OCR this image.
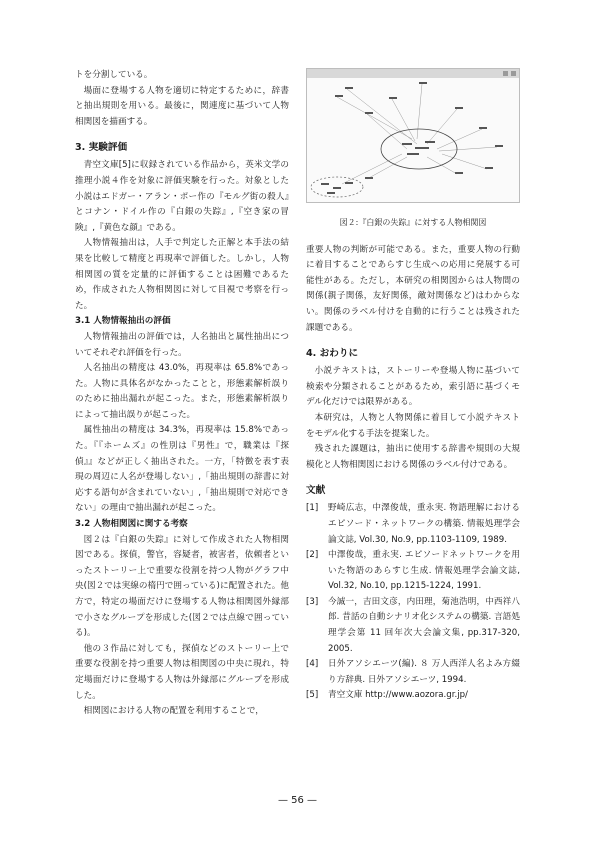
トを分割している。

場面に登場する人物を適切に特定するために，辞書と抽出規則を用いる。最後に，関連度に基づいて人物相関図を描画する。

3. 実験評価

青空文庫[5]に収録されている作品から，英米文学の推理小説４作を対象に評価実験を行った。対象とした小説はエドガー・アラン・ポー作の『モルグ街の殺人』とコナン・ドイル作の『白銀の失踪』,『空き家の冒険』,『黄色な顔』である。

人物情報抽出は，人手で判定した正解と本手法の結果を比較して精度と再現率で評価した。しかし，人物相関図の質を定量的に評価することは困難であるため，作成された人物相関図に対して目視で考察を行った。

3.1 人物情報抽出の評価

人物情報抽出の評価では，人名抽出と属性抽出についてそれぞれ評価を行った。

人名抽出の精度は 43.0%，再現率は 65.8%であった。人物に具体名がなかったことと，形態素解析誤りのために抽出漏れが起こった。また，形態素解析誤りによって抽出誤りが起こった。

属性抽出の精度は 34.3%，再現率は 15.8%であった。『『ホームズ』の性別は『男性』で，職業は『探偵』』などが正しく抽出された。一方，「特徴を表す表現の周辺に人名が登場しない」,「抽出規則の辞書に対応する語句が含まれていない」,「抽出規則で対応できない」の理由で抽出漏れが起こった。

3.2 人物相関図に関する考察

図２は『白銀の失踪』に対して作成された人物相関図である。探偵，警官，容疑者，被害者，依頼者といったストーリー上で重要な役割を持つ人物がグラフ中央(図２では実線の楕円で囲っている)に配置された。他方で，特定の場面だけに登場する人物は相関図外縁部で小さなグループを形成した(図２では点線で囲っている)。

他の３作品に対しても，探偵などのストーリー上で重要な役割を持つ重要人物は相関図の中央に現れ，特定場面だけに登場する人物は外縁部にグループを形成した。

相関図における人物の配置を利用することで，

図２:『白銀の失踪』に対する人物相関図

重要人物の判断が可能である。また，重要人物の行動に着目することであらすじ生成への応用に発展する可能性がある。ただし，本研究の相関図からは人物間の関係(親子関係，友好関係，敵対関係など)はわからない。関係のラベル付けを自動的に行うことは残された課題である。

4. おわりに

小説テキストは，ストーリーや登場人物に基づいて検索や分類されることがあるため，索引語に基づくモデル化だけでは限界がある。

本研究は，人物と人物関係に着目して小説テキストをモデル化する手法を提案した。

残された課題は，抽出に使用する辞書や規則の大規模化と人物相関図における関係のラベル付けである。

文献
[1]	野崎広志，中澤俊哉，重永実. 物語理解におけるエピソード・ネットワークの構築. 情報処理学会論文誌, Vol.30, No.9, pp.1103-1109, 1989.
[2]	中澤俊哉，重永実. エピソードネットワークを用いた物語のあらすじ生成. 情報処理学会論文誌, Vol.32, No.10, pp.1215-1224, 1991.
[3]	今誠一，吉田文彦，内田理，菊池浩明，中西祥八郎. 昔話の自動シナリオ化システムの構築. 言語処理学会第 11 回年次大会論文集, pp.317-320, 2005.
[4]	日外アソシエーツ(編). ８ 万人西洋人名よみ方綴り方辞典. 日外アソシエーツ, 1994.
[5]	青空文庫 http://www.aozora.gr.jp/
— 56 —
